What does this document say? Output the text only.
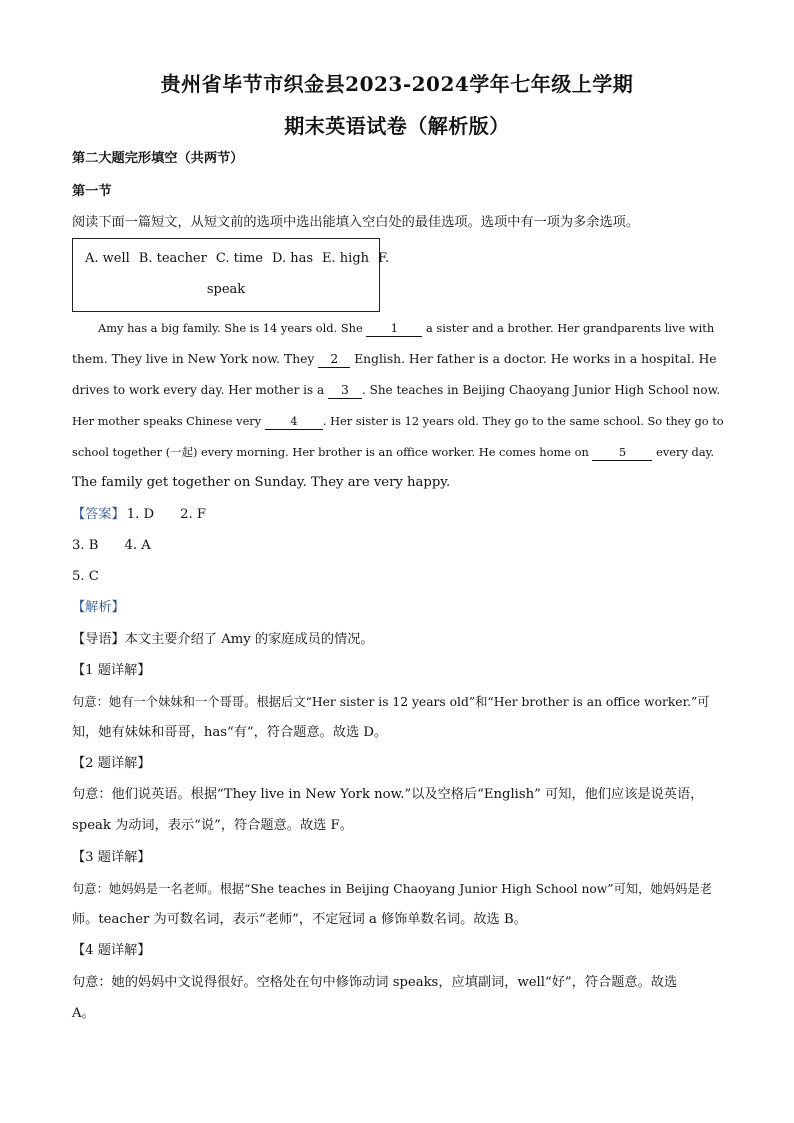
贵州省毕节市织金县2023-2024学年七年级上学期
期末英语试卷（解析版）
第二大题完形填空（共两节）
第一节
阅读下面一篇短文，从短文前的选项中选出能填入空白处的最佳选项。选项中有一项为多余选项。
A. well B. teacher C. time D. has E. high F.
speak
Amy has a big family. She is 14 years old. She 1 a sister and a brother. Her grandparents live with
them. They live in New York now. They 2 English. Her father is a doctor. He works in a hospital. He
drives to work every day. Her mother is a 3 . She teaches in Beijing Chaoyang Junior High School now.
Her mother speaks Chinese very	4 . Her sister is 12 years old. They go to the same school. So they go to
school together (一起) every morning. Her brother is an office worker. He comes home on	5	every day.
The family get together on Sunday. They are very happy.
【答案】 1. D 2. F
3. B 4. A
5. C
【解析】
【导语】本文主要介绍了 Amy 的家庭成员的情况。
【1 题详解】
句意：她有一个妹妹和一个哥哥。根据后文“Her sister is 12 years old”和“Her brother is an office worker.”可
知，她有妹妹和哥哥，has“有”，符合题意。故选 D。
【2 题详解】
句意：他们说英语。根据“They live in New York now.”以及空格后“English” 可知，他们应该是说英语，
speak 为动词，表示“说”，符合题意。故选 F。
【3 题详解】
句意：她妈妈是一名老师。根据“She teaches in Beijing Chaoyang Junior High School now”可知，她妈妈是老
师。teacher 为可数名词，表示“老师”，不定冠词 a 修饰单数名词。故选 B。
【4 题详解】
句意：她的妈妈中文说得很好。空格处在句中修饰动词 speaks，应填副词，well“好”，符合题意。故选
A。
